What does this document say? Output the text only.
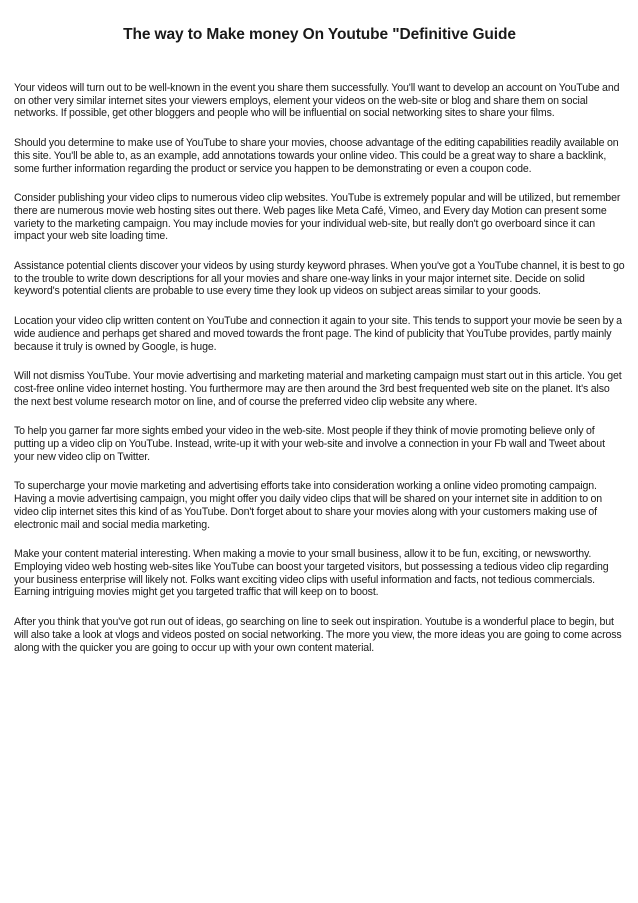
The way to Make money On Youtube "Definitive Guide

Your videos will turn out to be well-known in the event you share them successfully. You'll want to develop an account on YouTube and on other very similar internet sites your viewers employs, element your videos on the web-site or blog and share them on social networks. If possible, get other bloggers and people who will be influential on social networking sites to share your films.

Should you determine to make use of YouTube to share your movies, choose advantage of the editing capabilities readily available on this site. You'll be able to, as an example, add annotations towards your online video. This could be a great way to share a backlink, some further information regarding the product or service you happen to be demonstrating or even a coupon code.

Consider publishing your video clips to numerous video clip websites. YouTube is extremely popular and will be utilized, but remember there are numerous movie web hosting sites out there. Web pages like Meta Café, Vimeo, and Every day Motion can present some variety to the marketing campaign. You may include movies for your individual web-site, but really don't go overboard since it can impact your web site loading time.

Assistance potential clients discover your videos by using sturdy keyword phrases. When you've got a YouTube channel, it is best to go to the trouble to write down descriptions for all your movies and share one-way links in your major internet site. Decide on solid keyword's potential clients are probable to use every time they look up videos on subject areas similar to your goods.

Location your video clip written content on YouTube and connection it again to your site. This tends to support your movie be seen by a wide audience and perhaps get shared and moved towards the front page. The kind of publicity that YouTube provides, partly mainly because it truly is owned by Google, is huge.

Will not dismiss YouTube. Your movie advertising and marketing material and marketing campaign must start out in this article. You get cost-free online video internet hosting. You furthermore may are then around the 3rd best frequented web site on the planet. It's also the next best volume research motor on line, and of course the preferred video clip website any where.

To help you garner far more sights embed your video in the web-site. Most people if they think of movie promoting believe only of putting up a video clip on YouTube. Instead, write-up it with your web-site and involve a connection in your Fb wall and Tweet about your new video clip on Twitter.

To supercharge your movie marketing and advertising efforts take into consideration working a online video promoting campaign. Having a movie advertising campaign, you might offer you daily video clips that will be shared on your internet site in addition to on video clip internet sites this kind of as YouTube. Don't forget about to share your movies along with your customers making use of electronic mail and social media marketing.

Make your content material interesting. When making a movie to your small business, allow it to be fun, exciting, or newsworthy. Employing video web hosting web-sites like YouTube can boost your targeted visitors, but possessing a tedious video clip regarding your business enterprise will likely not. Folks want exciting video clips with useful information and facts, not tedious commercials. Earning intriguing movies might get you targeted traffic that will keep on to boost.

After you think that you've got run out of ideas, go searching on line to seek out inspiration. Youtube is a wonderful place to begin, but will also take a look at vlogs and videos posted on social networking. The more you view, the more ideas you are going to come across along with the quicker you are going to occur up with your own content material.
